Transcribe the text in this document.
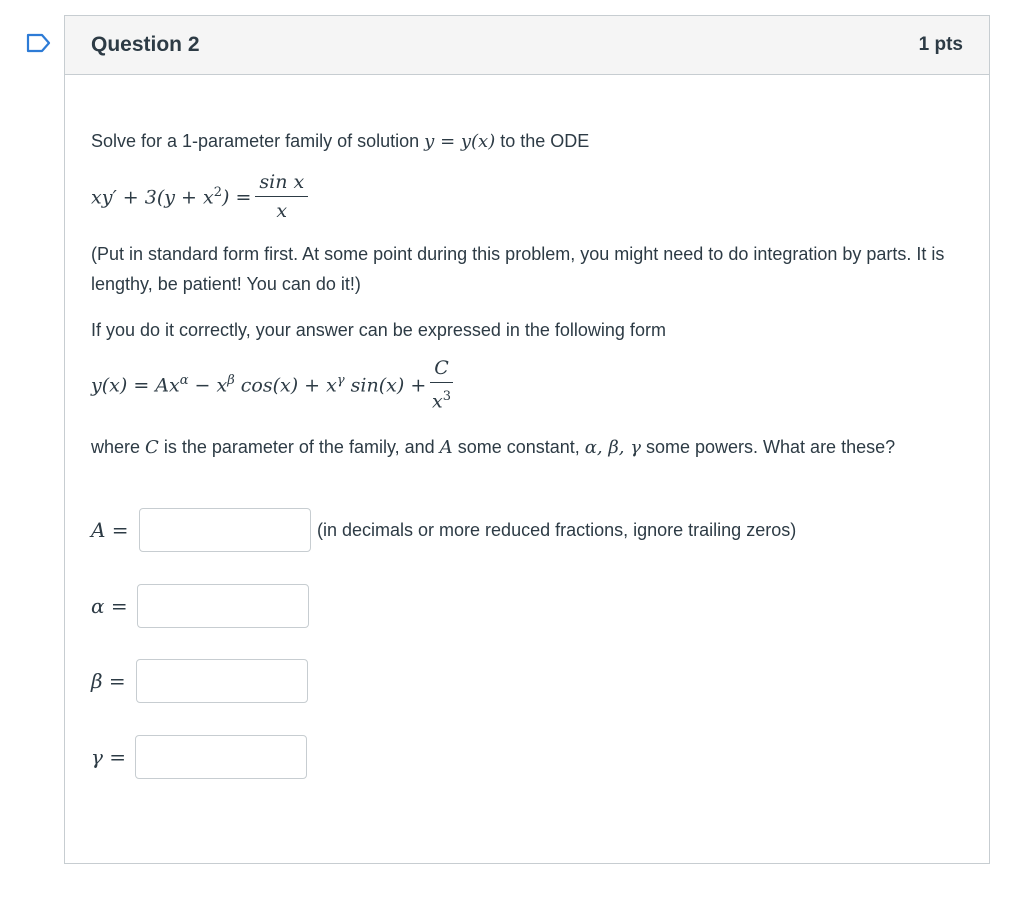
Question 2	1 pts
Solve for a 1-parameter family of solution y = y(x) to the ODE
$xy' + 3(y + x^2) = \frac{\text{sin x}}{x}$
(Put in standard form first. At some point during this problem, you might need to do integration by parts. It is lengthy, be patient! You can do it!)
If you do it correctly, your answer can be expressed in the following form
$y(x) = Ax^\alpha - x^\beta$ $\cos(x) + x^\gamma$ $\sin(x) + \frac{C}{x^3}$
where C is the parameter of the family, and A some constant, α, β, γ some powers. What are these?
A =	(in decimals or more reduced fractions, ignore trailing zeros)
α =
β =
γ =
